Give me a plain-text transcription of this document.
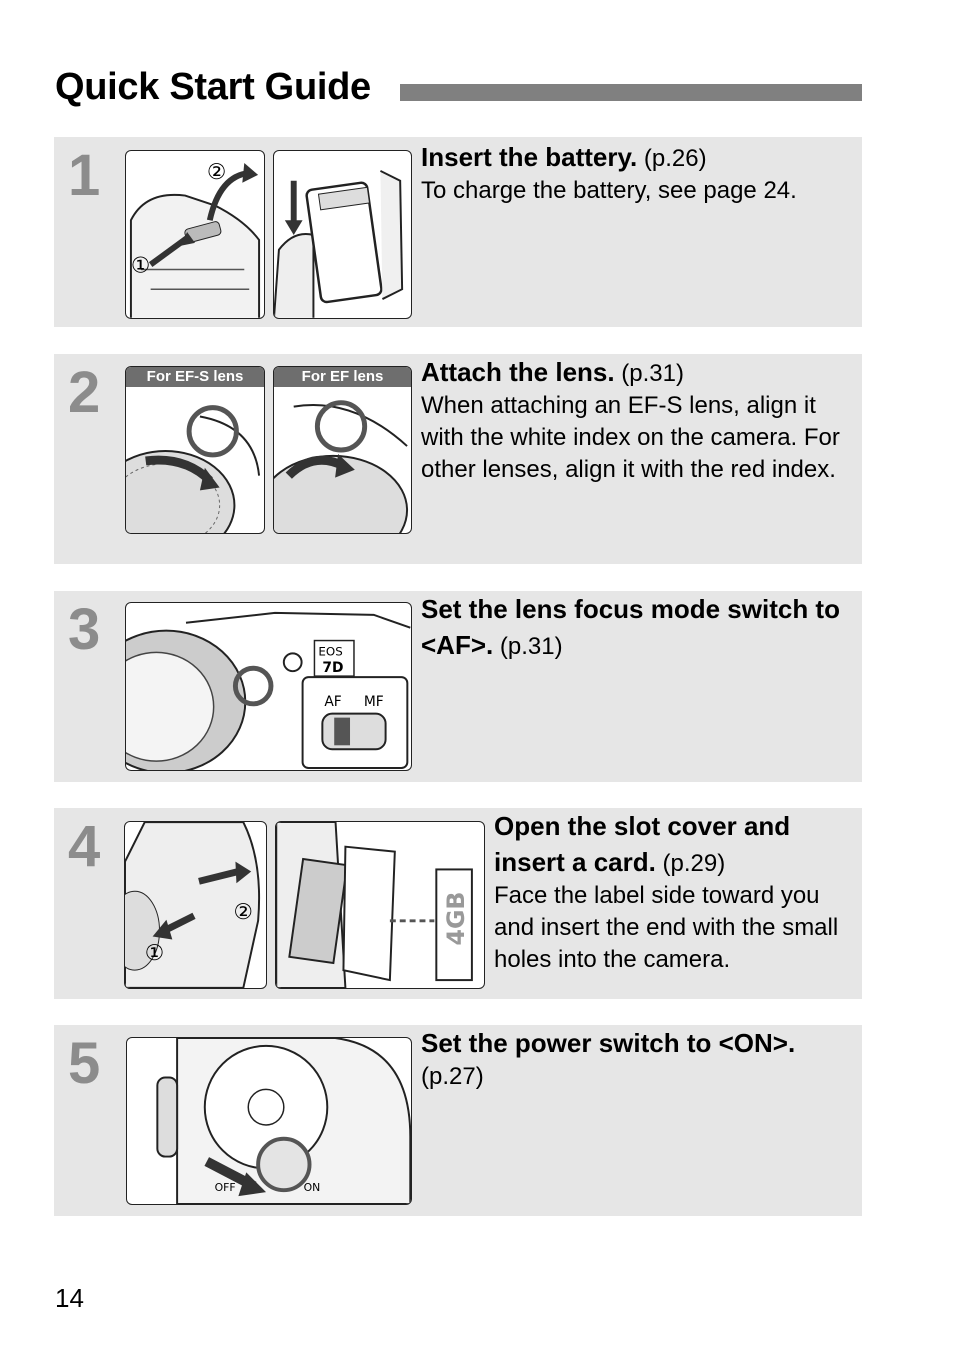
Quick Start Guide
1	②
①
Insert the battery. (p.26)
To charge the battery, see page 24.
2	For EF-S lens	For EF lens	Attach the lens. (p.31)
When attaching an EF-S lens, align it with the white index on the camera. For other lenses, align it with the red index.
3	EOS
7D
AF MF
Set the lens focus mode switch to <AF>. (p.31)
4
②
①
4GB
Open the slot cover and insert a card. (p.29)
Face the label side toward you and insert the end with the small holes into the camera.
5
OFF	ON
Set the power switch to <ON>.
(p.27)
14
